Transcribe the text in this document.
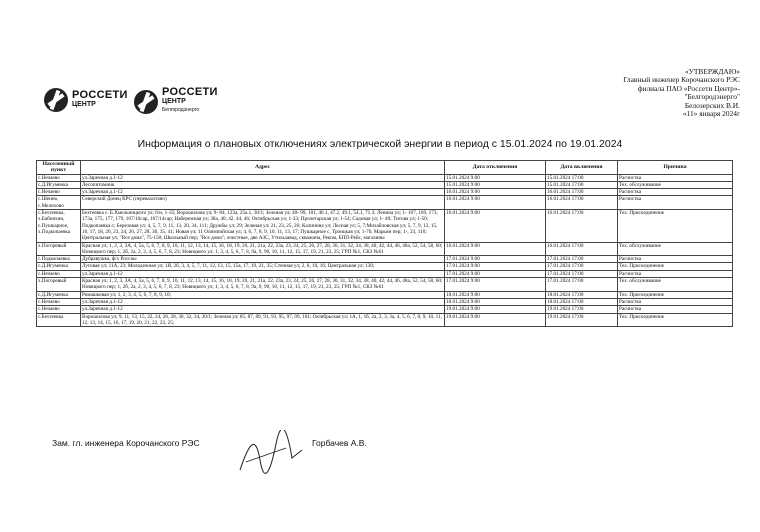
РОССЕТИ
ЦЕНТР
РОССЕТИ
ЦЕНТР
Белгородэнерго
«УТВЕРЖДАЮ»
Главный инженер Корочанского РЭС
филиала ПАО «Россети Центр»-
"Белгородэнерго"
Белозерских В.И.
«11» января 2024г
Информация о плановых отключениях электрической энергии в период с 15.01.2024 по 19.01.2024
Населенный пункт	Адрес	Дата отключения	Дата включения	Причина
с.Нечаево	ул.Заречная д.1-12	15.01.2024 9:00	15.01.2024 17:00	Расчистка
с.Д.Игуменка	Лесопитомник	15.01.2024 9:00	15.01.2024 17:00	Тех. обслуживание
с.Нечаево	ул.Заречная д.1-12	16.01.2024 9:00	16.01.2024 17:00	Расчистка
с.Шеино, с.Мелихово	Северский Донец КРС (перевахитано)	16.01.2024 9:00	16.01.2024 17:00	Расчистка
с.Бехтеевка, х.Бабияхин, с.Пушкарное, х.Подкопаевка	Бехтеевка с. Б.Хмельницкого ул; 6/н, 1-35; Ворошилова ул; 9- 84, 123а, 25а.1, 30/1; Зеленая ул; 40- 99, 101, 46.1, 47.2, 49.1, 54.1, 71.3; Ленина ул; 1- 167, 169, 173, 173а, 175, 177, 179, 167/10сар, 167/14сар; Набережная ул; 38а, 40, 42, 44, 46; Октябрьская ул; 1-33; Пролетарская ул; 1-54; Садовая ул; 1- 40; Титова ул; 1-50; Подкопаевка с; Березовая ул; 4, 5, 7, 9, 11, 13, 20, 34, 111; Дружбы ул; 29; Зеленая ул; 21, 23, 25, 26; Калинина ул; Лесная ул; 5, 7;Михайловская ул; 5, 7, 9, 12, 15, 16, 17, 18, 20, 23, 24, 26, 27, 28, 30, 35, 41; Новая ул; 11 Олимпийская ул; 4, 6, 7, 8, 9, 10, 11, 13, 17; Пушкарное с, Троицкая ул; 1-70, Марьин пер; 1-, 23, 110; Центральная ул; "Все дома", 75-158; Школьный пер; "Все дома"; очистные, две АЗС, Утильзавод, скважина, Реком, БПП-Рейс, магазины	16.01.2024 9:00	16.01.2024 17:00	Тех. Присоединение
х.Погоревый	Красная ул; 1, 2, 3, 3А, 4, 5а, 5, 6, 7, 8, 9, 10, 11, 12, 13, 14, 15, 16, 18, 19, 20, 21, 21а, 22, 23а, 23, 24, 25, 26, 27, 28, 30, 31, 32, 34, 38, 40, 42, 44, 46, 48а, 52, 54, 58, 60; Новицкого пер; 1, 2б, 2а, 2, 3, 4, 5, 6, 7, 8, 23; Новицкого ул; 1, 3, 4, 5, 6, 7, 8, 9а, 9, 90, 10, 11, 12, 15, 17, 19, 21, 23, 25; ГРП №1, СКЗ №61	16.01.2024 9:00	16.01.2024 17:00	Тех. обслуживание
с.Подкопаевка	Дубравушка, ф/х Россоы	17.01.2024 9:00	17.01.2024 17:00	Расчистка
с.Д.Игуменка	Луговая ул; 11А, 23; Молодежная ул; 1Я, 2б, 3, 4, 5, 7, 11, 12, 13, 15, 15а, 17, 19, 21, 35; Степная ул; 2, 6, 10, 16; Центральная ул; 130;	17.01.2024 9:00	17.01.2024 17:00	Тех. Присоединение
с.Нечаево	ул.Заречная д.1-12	17.01.2024 9:00	17.01.2024 17:00	Расчистка
х.Погоревый	Красная ул; 1, 2, 3, 3А, 4, 5а, 5, 6, 7, 8, 9, 10, 11, 12, 13, 14, 15, 16, 18, 19, 20, 21, 21а, 22, 23а, 23, 24, 25, 26, 27, 28, 30, 31, 32, 34, 38, 40, 42, 44, 46, 48а, 52, 54, 58, 60; Новицкого пер; 1, 2б, 2а, 2, 3, 4, 5, 6, 7, 8, 23; Новицкого ул; 1, 3, 4, 5, 6, 7, 8, 9а, 9, 90, 10, 11, 12, 15, 17, 19, 21, 23, 25; ГРП №1, СКЗ №61	17.01.2024 9:00	17.01.2024 17:00	Тех. обслуживание
с.Д.Игуменка	Ромашковая ул; 1, 2, 3, 4, 5, 6, 7, 8, 9, 10;	18.01.2024 9:00	18.01.2024 17:00	Тех. Присоединение
с.Нечаево	ул.Заречная д.1-12	18.01.2024 9:00	18.01.2024 17:00	Расчистка
с.Нечаево	ул.Заречная д.1-12	19.01.2024 9:00	19.01.2024 17:00	Расчистка
с.Бехтеевка	Ворошилова ул; 9, 11, 13, 15, 22, 24, 26, 28, 30, 32, 34, 30/1; Зеленая ул; 85, 87, 89, 91, 93, 95, 97, 99, 101; Октябрьская ул; 1А, 1, 1б, 2а, 2, 3, 3а, 4, 5, 6, 7, 8, 9, 10, 11, 12, 13, 14, 15, 16, 17, 19, 20, 21, 22, 23, 25;	19.01.2024 9:00	19.01.2024 17:00	Тех. Присоединение
Зам. гл. инженера Корочанского РЭС	Горбачев А.В.
